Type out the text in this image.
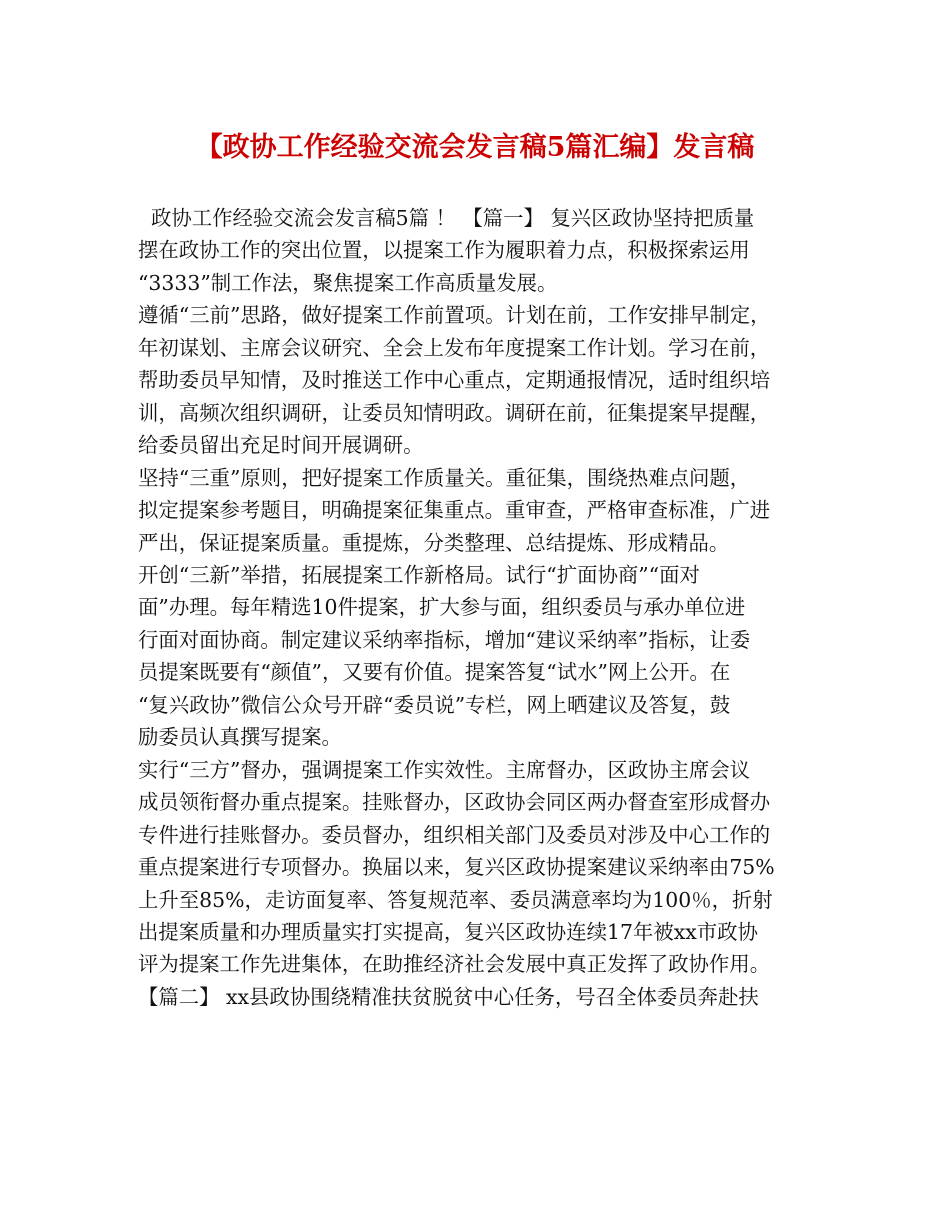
【政协工作经验交流会发言稿5篇汇编】发言稿
政协工作经验交流会发言稿5篇 ！ 【篇一】 复兴区政协坚持把质量
摆在政协工作的突出位置，以提案工作为履职着力点，积极探索运用
“3333”制工作法，聚焦提案工作高质量发展。
遵循“三前”思路，做好提案工作前置项。计划在前，工作安排早制定，
年初谋划、主席会议研究、全会上发布年度提案工作计划。学习在前，
帮助委员早知情，及时推送工作中心重点，定期通报情况，适时组织培
训，高频次组织调研，让委员知情明政。调研在前，征集提案早提醒，
给委员留出充足时间开展调研。
坚持“三重”原则，把好提案工作质量关。重征集，围绕热难点问题，
拟定提案参考题目，明确提案征集重点。重审查，严格审查标准，广进
严出，保证提案质量。重提炼，分类整理、总结提炼、形成精品。
开创“三新”举措，拓展提案工作新格局。试行“扩面协商”“面对
面”办理。每年精选10件提案，扩大参与面，组织委员与承办单位进
行面对面协商。制定建议采纳率指标，增加“建议采纳率”指标，让委
员提案既要有“颜值”，又要有价值。提案答复“试水”网上公开。在
“复兴政协”微信公众号开辟“委员说”专栏，网上晒建议及答复，鼓
励委员认真撰写提案。
实行“三方”督办，强调提案工作实效性。主席督办，区政协主席会议
成员领衔督办重点提案。挂账督办，区政协会同区两办督查室形成督办
专件进行挂账督办。委员督办，组织相关部门及委员对涉及中心工作的
重点提案进行专项督办。换届以来，复兴区政协提案建议采纳率由75%
上升至85%，走访面复率、答复规范率、委员满意率均为100％，折射
出提案质量和办理质量实打实提高，复兴区政协连续17年被xx市政协
评为提案工作先进集体，在助推经济社会发展中真正发挥了政协作用。
【篇二】 xx县政协围绕精准扶贫脱贫中心任务，号召全体委员奔赴扶
